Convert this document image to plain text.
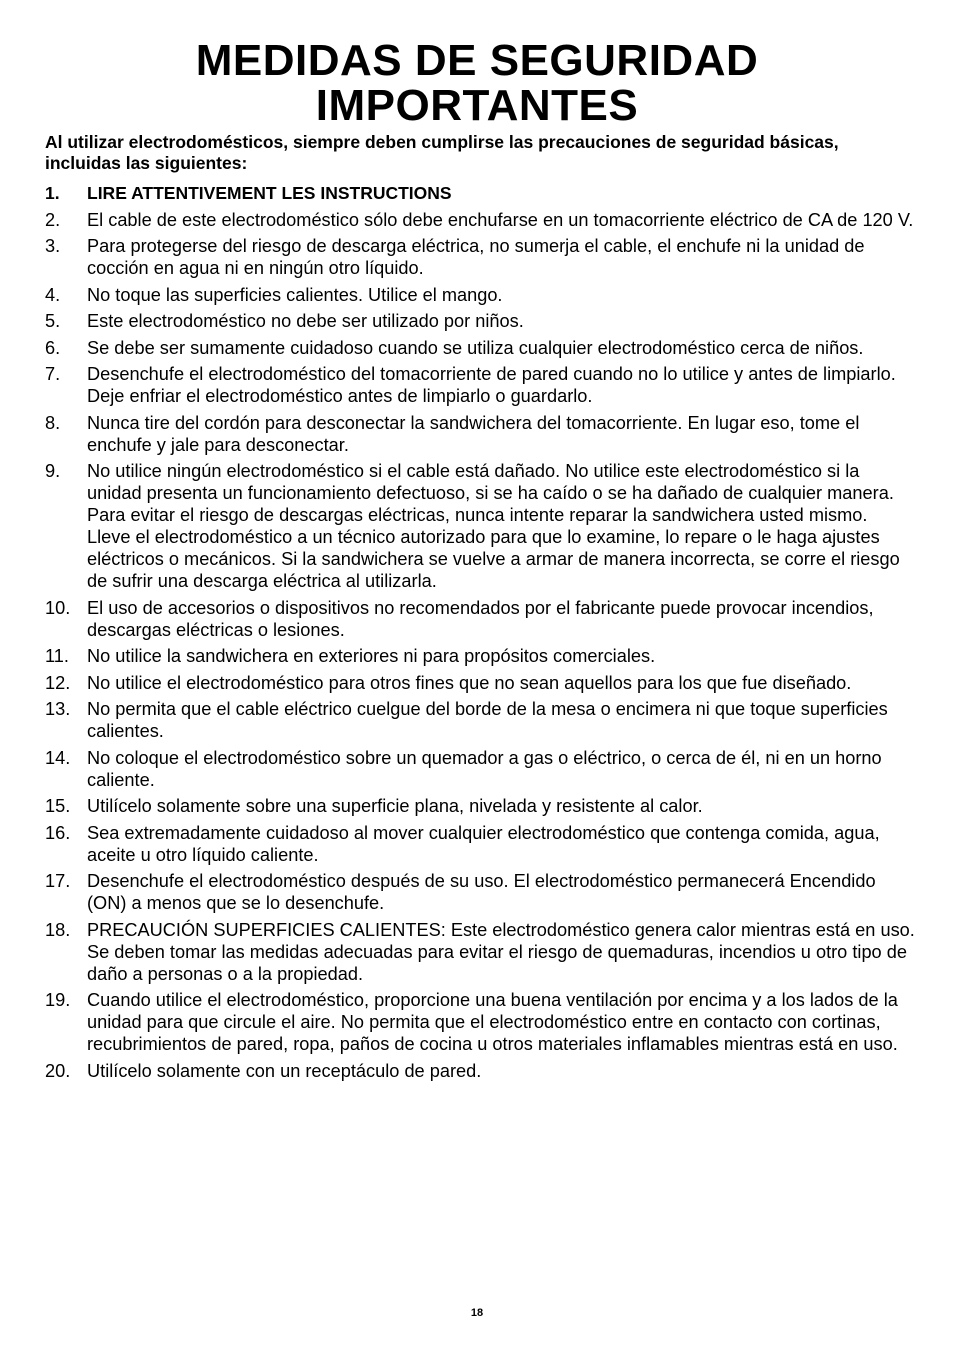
MEDIDAS DE SEGURIDAD
IMPORTANTES

Al utilizar electrodomésticos, siempre deben cumplirse las precauciones de seguridad básicas, incluidas las siguientes:

1.	LIRE ATTENTIVEMENT LES INSTRUCTIONS
2.	El cable de este electrodoméstico sólo debe enchufarse en un tomacorriente eléctrico de CA de 120 V.
3.	Para protegerse del riesgo de descarga eléctrica, no sumerja el cable, el enchufe ni la unidad de cocción en agua ni en ningún otro líquido.
4.	No toque las superficies calientes. Utilice el mango.
5.	Este electrodoméstico no debe ser utilizado por niños.
6.	Se debe ser sumamente cuidadoso cuando se utiliza cualquier electrodoméstico cerca de niños.
7.	Desenchufe el electrodoméstico del tomacorriente de pared cuando no lo utilice y antes de limpiarlo. Deje enfriar el electrodoméstico antes de limpiarlo o guardarlo.
8.	Nunca tire del cordón para desconectar la sandwichera del tomacorriente. En lugar eso, tome el enchufe y jale para desconectar.
9.	No utilice ningún electrodoméstico si el cable está dañado. No utilice este electrodoméstico si la unidad presenta un funcionamiento defectuoso, si se ha caído o se ha dañado de cualquier manera. Para evitar el riesgo de descargas eléctricas, nunca intente reparar la sandwichera usted mismo. Lleve el electrodoméstico a un técnico autorizado para que lo examine, lo repare o le haga ajustes eléctricos o mecánicos. Si la sandwichera se vuelve a armar de manera incorrecta, se corre el riesgo de sufrir una descarga eléctrica al utilizarla.
10. El uso de accesorios o dispositivos no recomendados por el fabricante puede provocar incendios, descargas eléctricas o lesiones.
11. No utilice la sandwichera en exteriores ni para propósitos comerciales.
12. No utilice el electrodoméstico para otros fines que no sean aquellos para los que fue diseñado.
13. No permita que el cable eléctrico cuelgue del borde de la mesa o encimera ni que toque superficies calientes.
14. No coloque el electrodoméstico sobre un quemador a gas o eléctrico, o cerca de él, ni en un horno caliente.
15. Utilícelo solamente sobre una superficie plana, nivelada y resistente al calor.
16. Sea extremadamente cuidadoso al mover cualquier electrodoméstico que contenga comida, agua, aceite u otro líquido caliente.
17. Desenchufe el electrodoméstico después de su uso. El electrodoméstico permanecerá Encendido (ON) a menos que se lo desenchufe.
18. PRECAUCIÓN SUPERFICIES CALIENTES: Este electrodoméstico genera calor mientras está en uso. Se deben tomar las medidas adecuadas para evitar el riesgo de quemaduras, incendios u otro tipo de daño a personas o a la propiedad.
19. Cuando utilice el electrodoméstico, proporcione una buena ventilación por encima y a los lados de la unidad para que circule el aire. No permita que el electrodoméstico entre en contacto con cortinas, recubrimientos de pared, ropa, paños de cocina u otros materiales inflamables mientras está en uso.
20. Utilícelo solamente con un receptáculo de pared.
18
